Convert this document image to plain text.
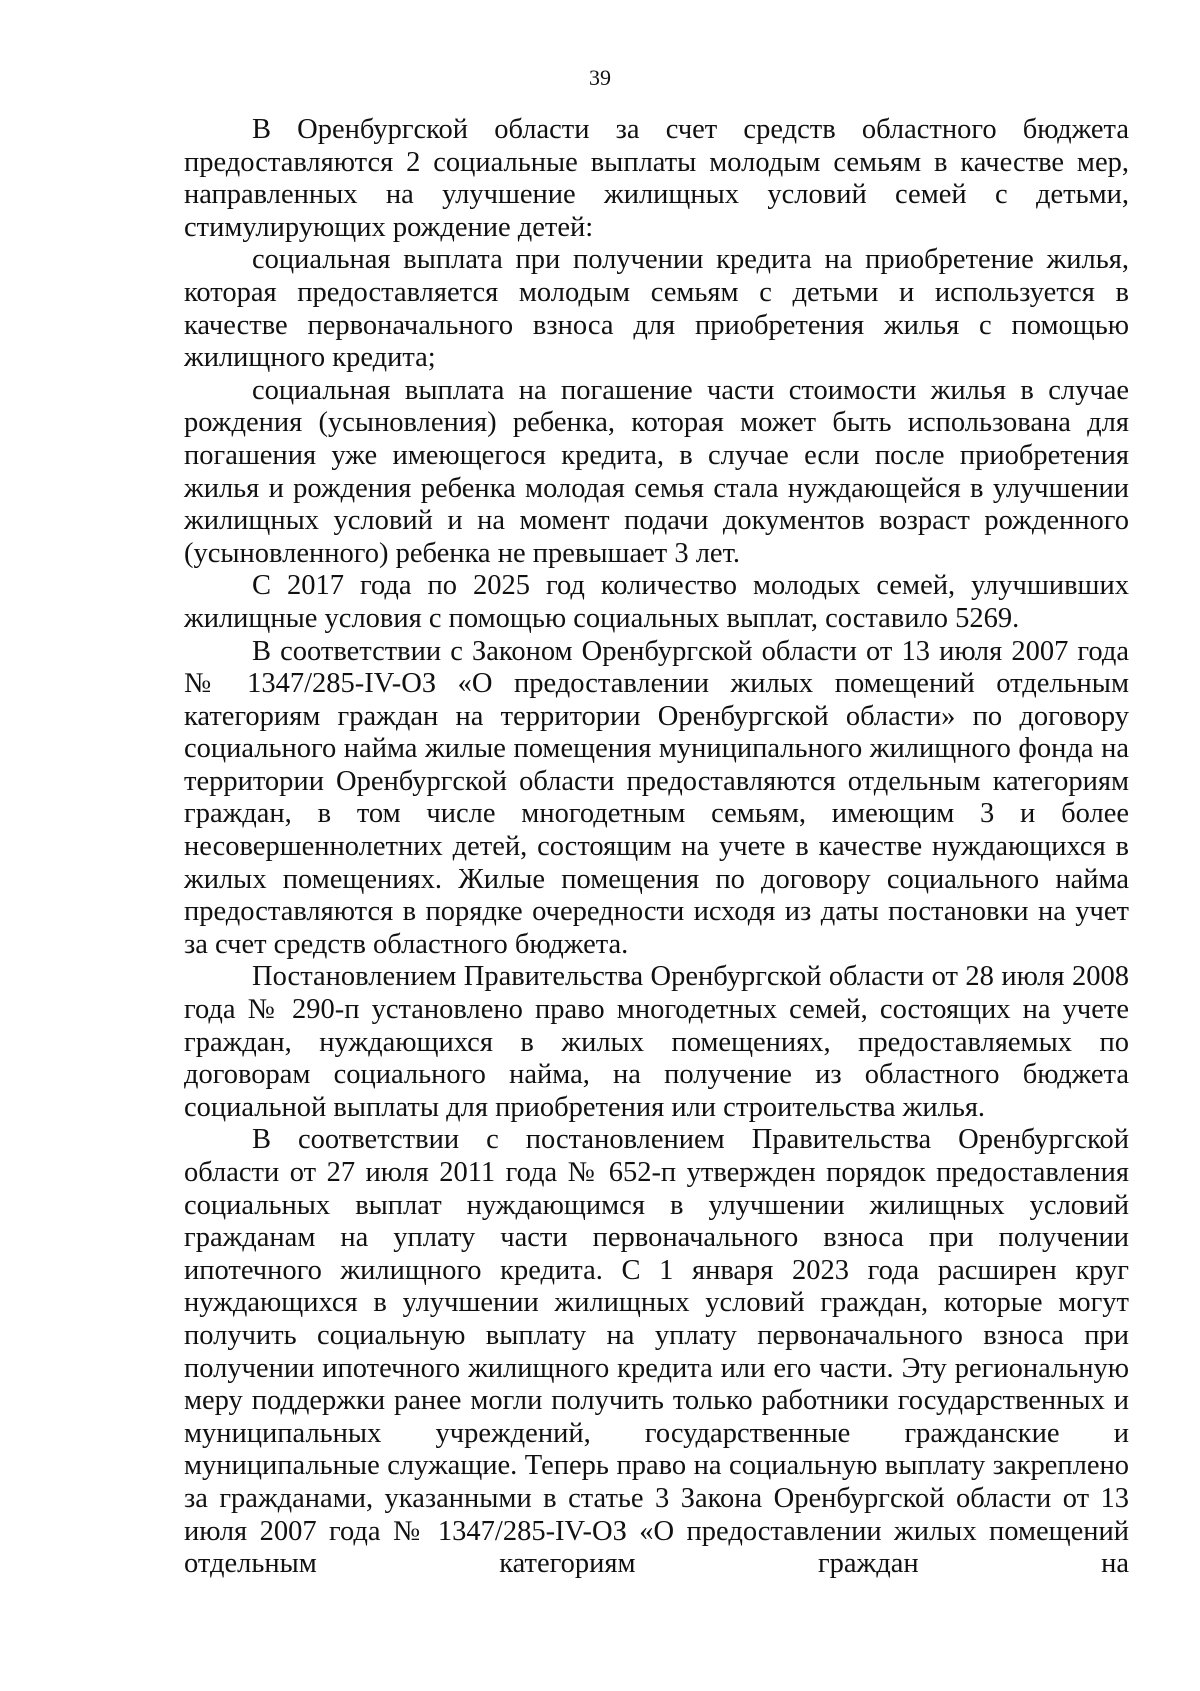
39

В Оренбургской области за счет средств областного бюджета предоставляются 2 социальные выплаты молодым семьям в качестве мер, направленных на улучшение жилищных условий семей с детьми, стимулирующих рождение детей:

социальная выплата при получении кредита на приобретение жилья, которая предоставляется молодым семьям с детьми и используется в качестве первоначального взноса для приобретения жилья с помощью жилищного кредита;

социальная выплата на погашение части стоимости жилья в случае рождения (усыновления) ребенка, которая может быть использована для погашения уже имеющегося кредита, в случае если после приобретения жилья и рождения ребенка молодая семья стала нуждающейся в улучшении жилищных условий и на момент подачи документов возраст рожденного (усыновленного) ребенка не превышает 3 лет.

С 2017 года по 2025 год количество молодых семей, улучшивших жилищные условия с помощью социальных выплат, составило 5269.

В соответствии с Законом Оренбургской области от 13 июля 2007 года № 1347/285-IV-ОЗ «О предоставлении жилых помещений отдельным категориям граждан на территории Оренбургской области» по договору социального найма жилые помещения муниципального жилищного фонда на территории Оренбургской области предоставляются отдельным категориям граждан, в том числе многодетным семьям, имеющим 3 и более несовершеннолетних детей, состоящим на учете в качестве нуждающихся в жилых помещениях. Жилые помещения по договору социального найма предоставляются в порядке очередности исходя из даты постановки на учет за счет средств областного бюджета.

Постановлением Правительства Оренбургской области от 28 июля 2008 года № 290-п установлено право многодетных семей, состоящих на учете граждан, нуждающихся в жилых помещениях, предоставляемых по договорам социального найма, на получение из областного бюджета социальной выплаты для приобретения или строительства жилья.

В соответствии с постановлением Правительства Оренбургской области от 27 июля 2011 года № 652-п утвержден порядок предоставления социальных выплат нуждающимся в улучшении жилищных условий гражданам на уплату части первоначального взноса при получении ипотечного жилищного кредита. С 1 января 2023 года расширен круг нуждающихся в улучшении жилищных условий граждан, которые могут получить социальную выплату на уплату первоначального взноса при получении ипотечного жилищного кредита или его части. Эту региональную меру поддержки ранее могли получить только работники государственных и муниципальных учреждений, государственные гражданские и муниципальные служащие. Теперь право на социальную выплату закреплено за гражданами, указанными в статье 3 Закона Оренбургской области от 13 июля 2007 года № 1347/285-IV-ОЗ «О предоставлении жилых помещений отдельным категориям граждан на
